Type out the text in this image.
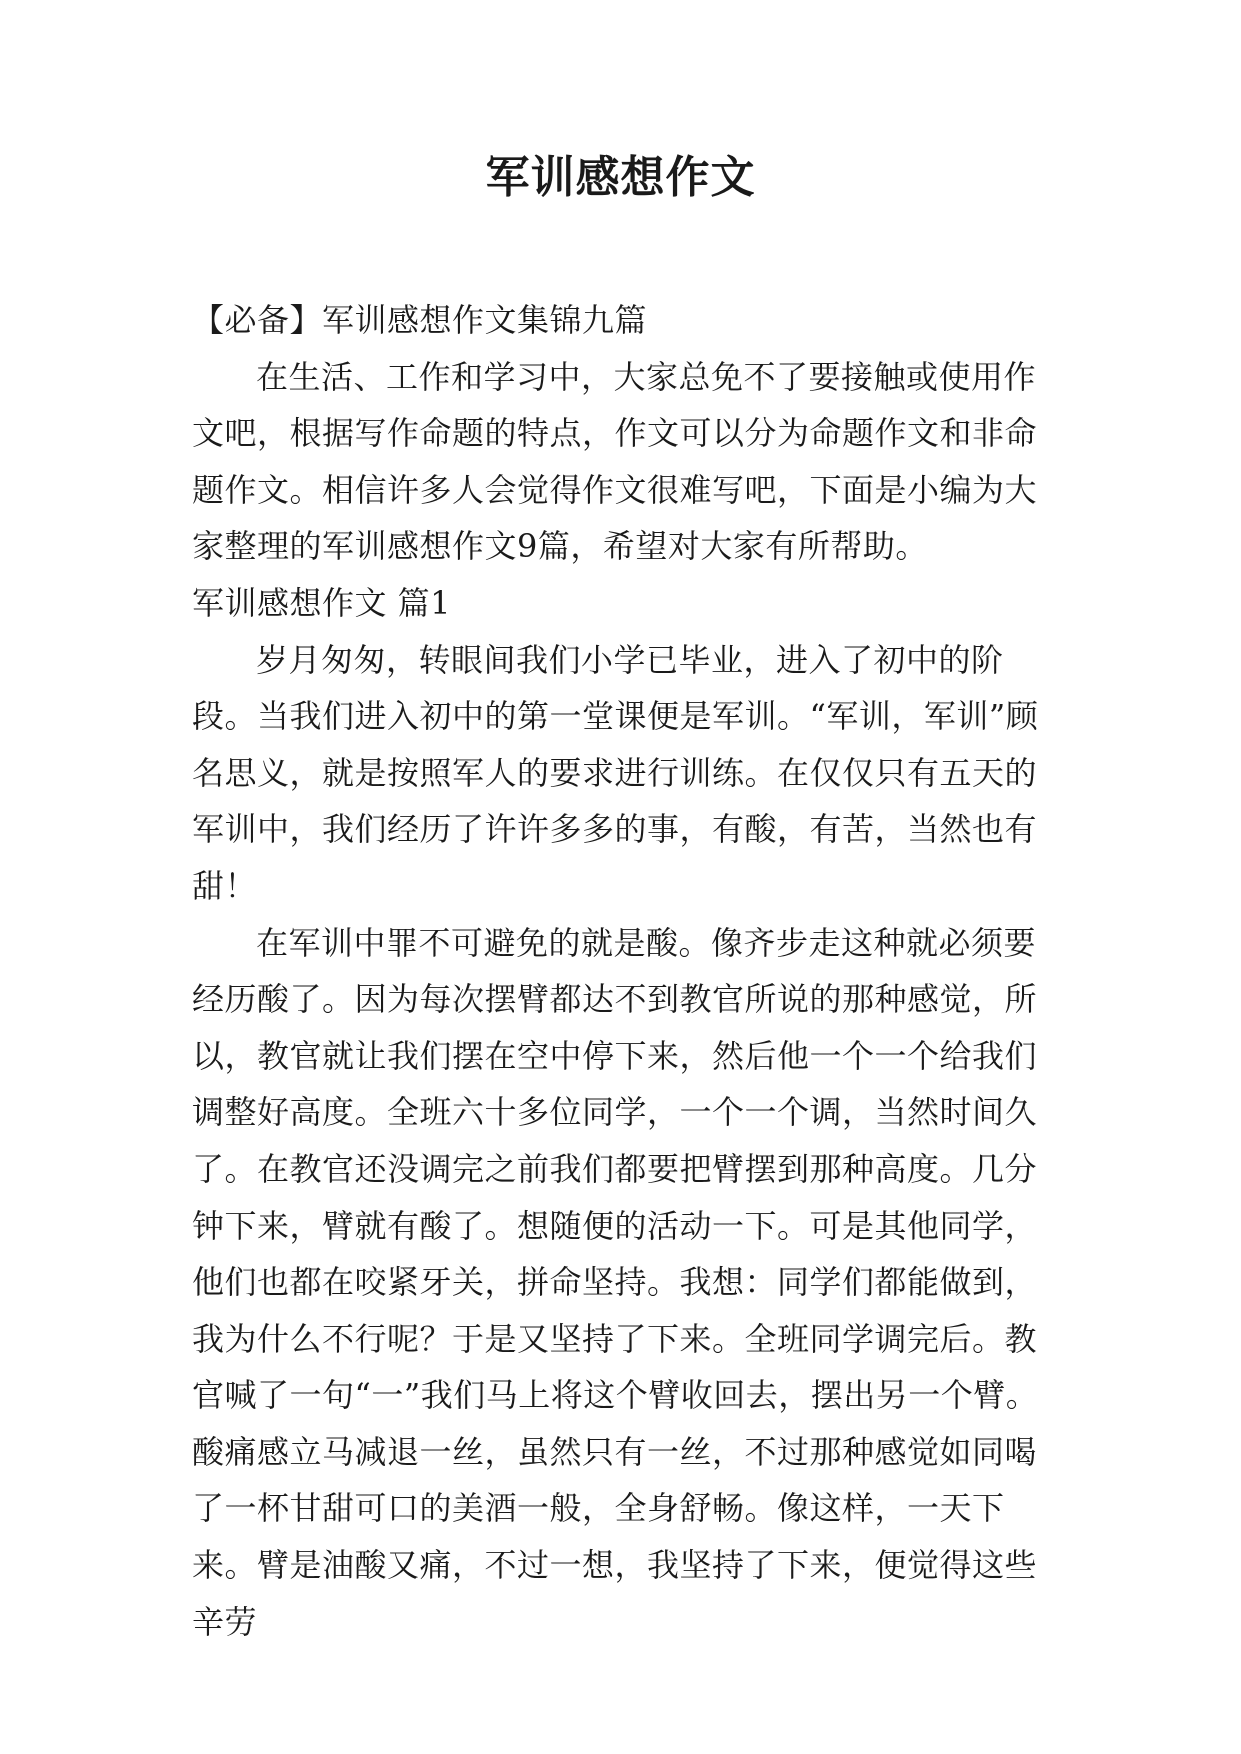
军训感想作文

【必备】军训感想作文集锦九篇

在生活、工作和学习中，大家总免不了要接触或使用作文吧，根据写作命题的特点，作文可以分为命题作文和非命题作文。相信许多人会觉得作文很难写吧，下面是小编为大家整理的军训感想作文9篇，希望对大家有所帮助。

军训感想作文 篇1

岁月匆匆，转眼间我们小学已毕业，进入了初中的阶段。当我们进入初中的第一堂课便是军训。“军训，军训”顾名思义，就是按照军人的要求进行训练。在仅仅只有五天的军训中，我们经历了许许多多的事，有酸，有苦，当然也有甜！

在军训中罪不可避免的就是酸。像齐步走这种就必须要经历酸了。因为每次摆臂都达不到教官所说的那种感觉，所以，教官就让我们摆在空中停下来，然后他一个一个给我们调整好高度。全班六十多位同学，一个一个调，当然时间久了。在教官还没调完之前我们都要把臂摆到那种高度。几分钟下来，臂就有酸了。想随便的活动一下。可是其他同学，他们也都在咬紧牙关，拼命坚持。我想：同学们都能做到，我为什么不行呢？于是又坚持了下来。全班同学调完后。教官喊了一句“一”我们马上将这个臂收回去，摆出另一个臂。酸痛感立马减退一丝，虽然只有一丝，不过那种感觉如同喝了一杯甘甜可口的美酒一般，全身舒畅。像这样，一天下来。臂是油酸又痛，不过一想，我坚持了下来，便觉得这些辛劳
